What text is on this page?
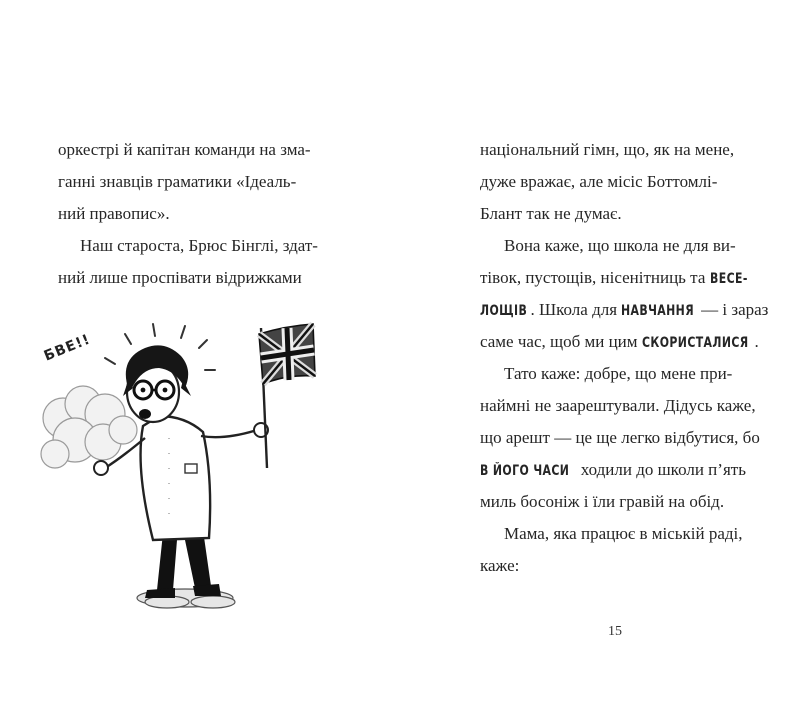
оркестрі й капітан команди на зма-
ганні знавців граматики «Ідеаль-
ний правопис».
Наш староста, Брюс Бінглі, здат-
ний лише проспівати відрижками
БВЕ!!
національний гімн, що, як на мене,
дуже вражає, але місіс Боттомлі-
Блант так не думає.
Вона каже, що школа не для ви-
тівок, пустощів, нісенітниць та ВЕСЕ-
ЛОЩІВ . Школа для НАВЧАННЯ — і зараз
саме час, щоб ми цим СКОРИСТАЛИСЯ .
Тато каже: добре, що мене при-
наймні не заарештували. Дідусь каже,
що арешт — це ще легко відбутися, бо
В ЙОГО ЧАСИ ходили до школи п’ять
миль босоніж і їли гравій на обід.
Мама, яка працює в міській раді,
каже:
15
